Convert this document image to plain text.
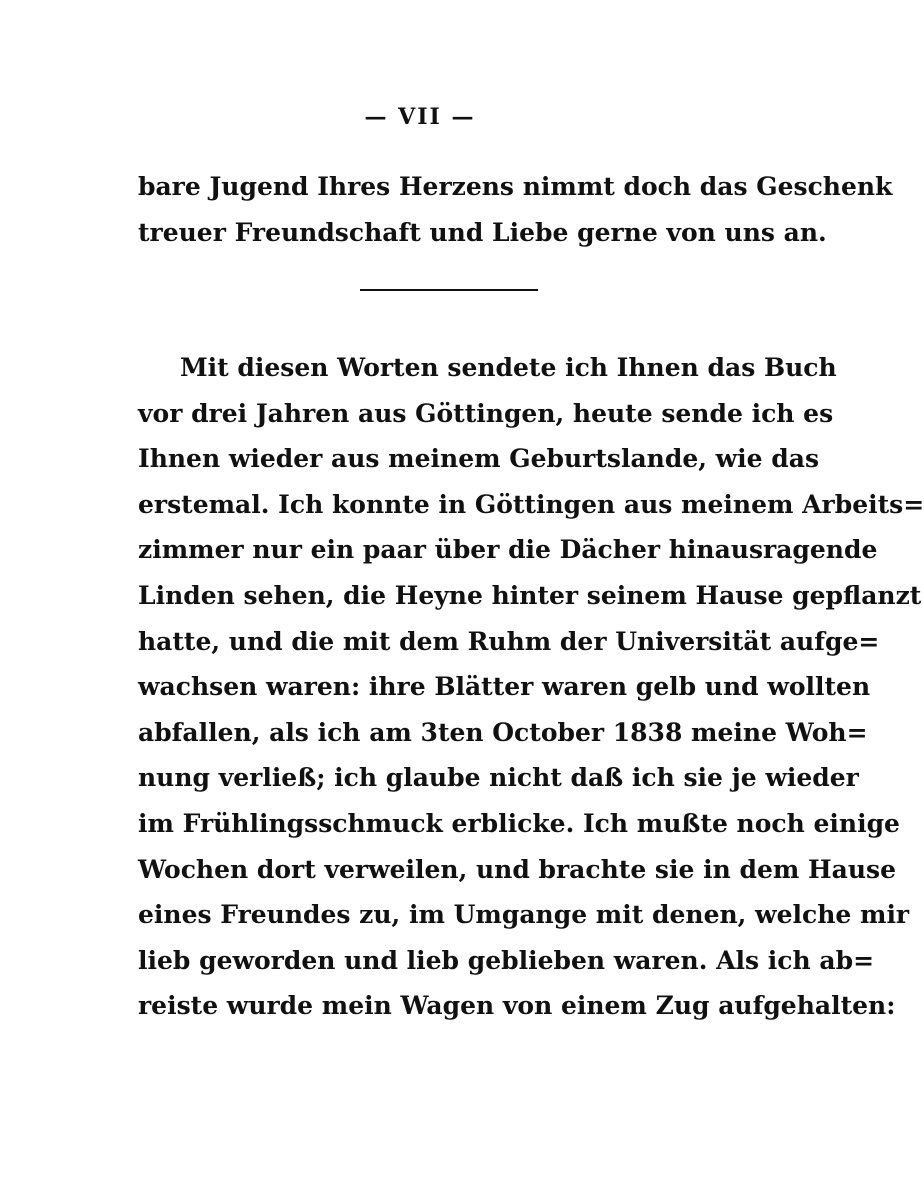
— VII —
bare Jugend Ihres Herzens nimmt doch das Geschenk
treuer Freundschaft und Liebe gerne von uns an.
Mit diesen Worten sendete ich Ihnen das Buch
vor drei Jahren aus Göttingen, heute sende ich es
Ihnen wieder aus meinem Geburtslande, wie das
erstemal. Ich konnte in Göttingen aus meinem Arbeits=
zimmer nur ein paar über die Dächer hinausragende
Linden sehen, die Heyne hinter seinem Hause gepflanzt
hatte, und die mit dem Ruhm der Universität aufge=
wachsen waren: ihre Blätter waren gelb und wollten
abfallen, als ich am 3ten October 1838 meine Woh=
nung verließ; ich glaube nicht daß ich sie je wieder
im Frühlingsschmuck erblicke. Ich mußte noch einige
Wochen dort verweilen, und brachte sie in dem Hause
eines Freundes zu, im Umgange mit denen, welche mir
lieb geworden und lieb geblieben waren. Als ich ab=
reiste wurde mein Wagen von einem Zug aufgehalten:
